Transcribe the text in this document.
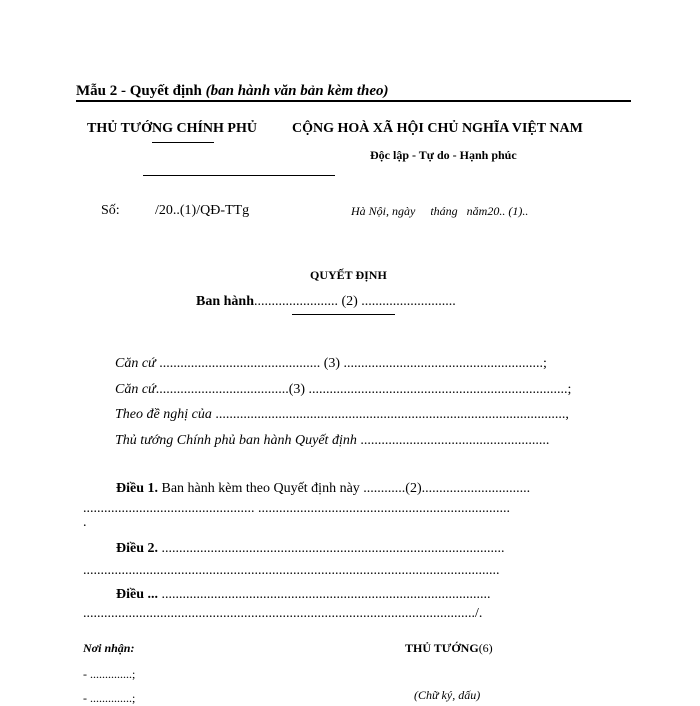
Mẫu 2 - Quyết định (ban hành văn bản kèm theo)
THỦ TƯỚNG CHÍNH PHỦ	CỘNG HOÀ XÃ HỘI CHỦ NGHĨA VIỆT NAM
Độc lập - Tự do - Hạnh phúc
Số:	/20..(1)/QĐ-TTg	Hà Nội, ngày     tháng   năm20.. (1)..
QUYẾT ĐỊNH
Ban hành........................ (2) ...........................
Căn cứ .............................................. (3) .........................................................;
Căn cứ......................................(3) ..........................................................................;
Theo đề nghị của ....................................................................................................,
Thủ tướng Chính phủ ban hành Quyết định ......................................................
Điều 1. Ban hành kèm theo Quyết định này ............(2)...............................
................................................. ........................................................................
.
Điều 2. ..................................................................................................
.......................................................................................................................
Điều ... ..............................................................................................
................................................................................................................/.
Nơi nhận:
- ..............;
- ..............;
THỦ TƯỚNG(6)
(Chữ ký, dấu)
